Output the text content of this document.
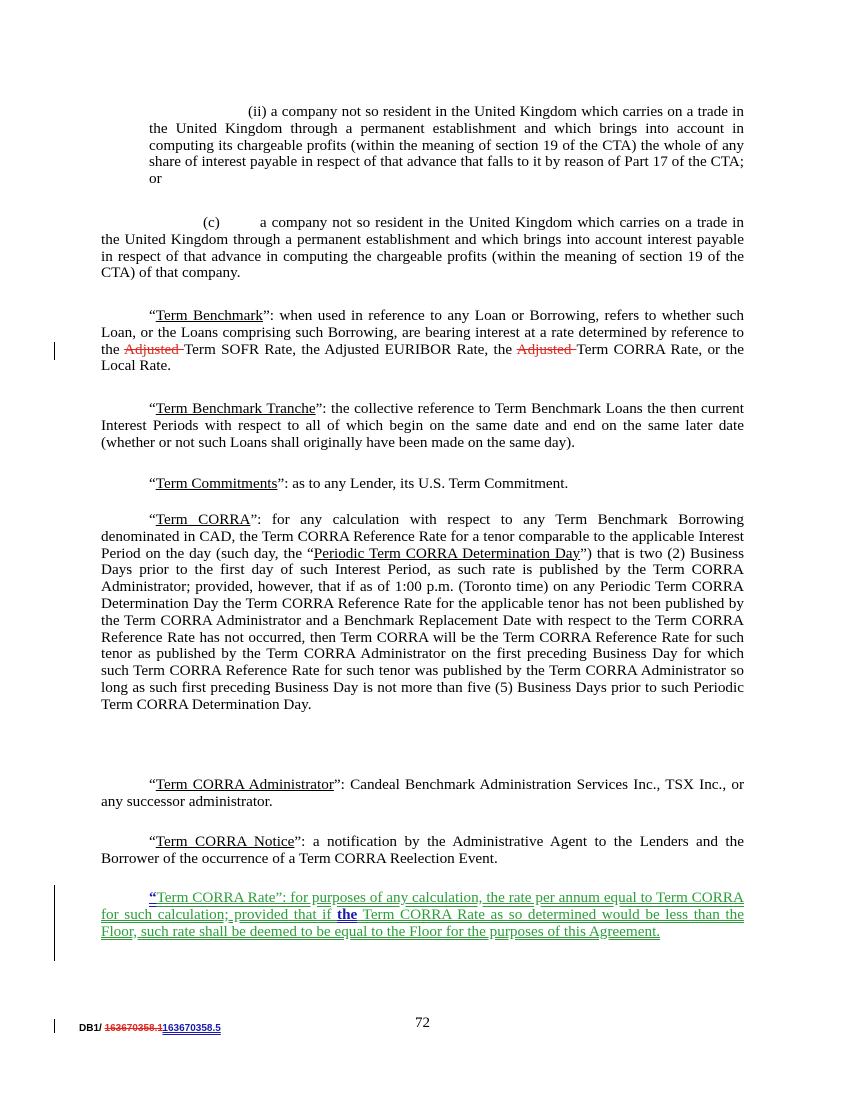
(ii) a company not so resident in the United Kingdom which carries on a trade in the United Kingdom through a permanent establishment and which brings into account in computing its chargeable profits (within the meaning of section 19 of the CTA) the whole of any share of interest payable in respect of that advance that falls to it by reason of Part 17 of the CTA; or

(c)	a company not so resident in the United Kingdom which carries on a trade in the United Kingdom through a permanent establishment and which brings into account interest payable in respect of that advance in computing the chargeable profits (within the meaning of section 19 of the CTA) of that company.

“Term Benchmark”: when used in reference to any Loan or Borrowing, refers to whether such Loan, or the Loans comprising such Borrowing, are bearing interest at a rate determined by reference to the Adjusted Term SOFR Rate, the Adjusted EURIBOR Rate, the Adjusted Term CORRA Rate, or the Local Rate.

“Term Benchmark Tranche”: the collective reference to Term Benchmark Loans the then current Interest Periods with respect to all of which begin on the same date and end on the same later date (whether or not such Loans shall originally have been made on the same day).

“Term Commitments”: as to any Lender, its U.S. Term Commitment.

“Term CORRA”: for any calculation with respect to any Term Benchmark Borrowing denominated in CAD, the Term CORRA Reference Rate for a tenor comparable to the applicable Interest Period on the day (such day, the “Periodic Term CORRA Determination Day”) that is two (2) Business Days prior to the first day of such Interest Period, as such rate is published by the Term CORRA Administrator; provided, however, that if as of 1:00 p.m. (Toronto time) on any Periodic Term CORRA Determination Day the Term CORRA Reference Rate for the applicable tenor has not been published by the Term CORRA Administrator and a Benchmark Replacement Date with respect to the Term CORRA Reference Rate has not occurred, then Term CORRA will be the Term CORRA Reference Rate for such tenor as published by the Term CORRA Administrator on the first preceding Business Day for which such Term CORRA Reference Rate for such tenor was published by the Term CORRA Administrator so long as such first preceding Business Day is not more than five (5) Business Days prior to such Periodic Term CORRA Determination Day.

“Term CORRA Administrator”: Candeal Benchmark Administration Services Inc., TSX Inc., or any successor administrator.

“Term CORRA Notice”: a notification by the Administrative Agent to the Lenders and the Borrower of the occurrence of a Term CORRA Reelection Event.

“Term CORRA Rate”: for purposes of any calculation, the rate per annum equal to Term CORRA for such calculation; provided that if the Term CORRA Rate as so determined would be less than the Floor, such rate shall be deemed to be equal to the Floor for the purposes of this Agreement.

DB1/ 163670358.1163670358.5	72
